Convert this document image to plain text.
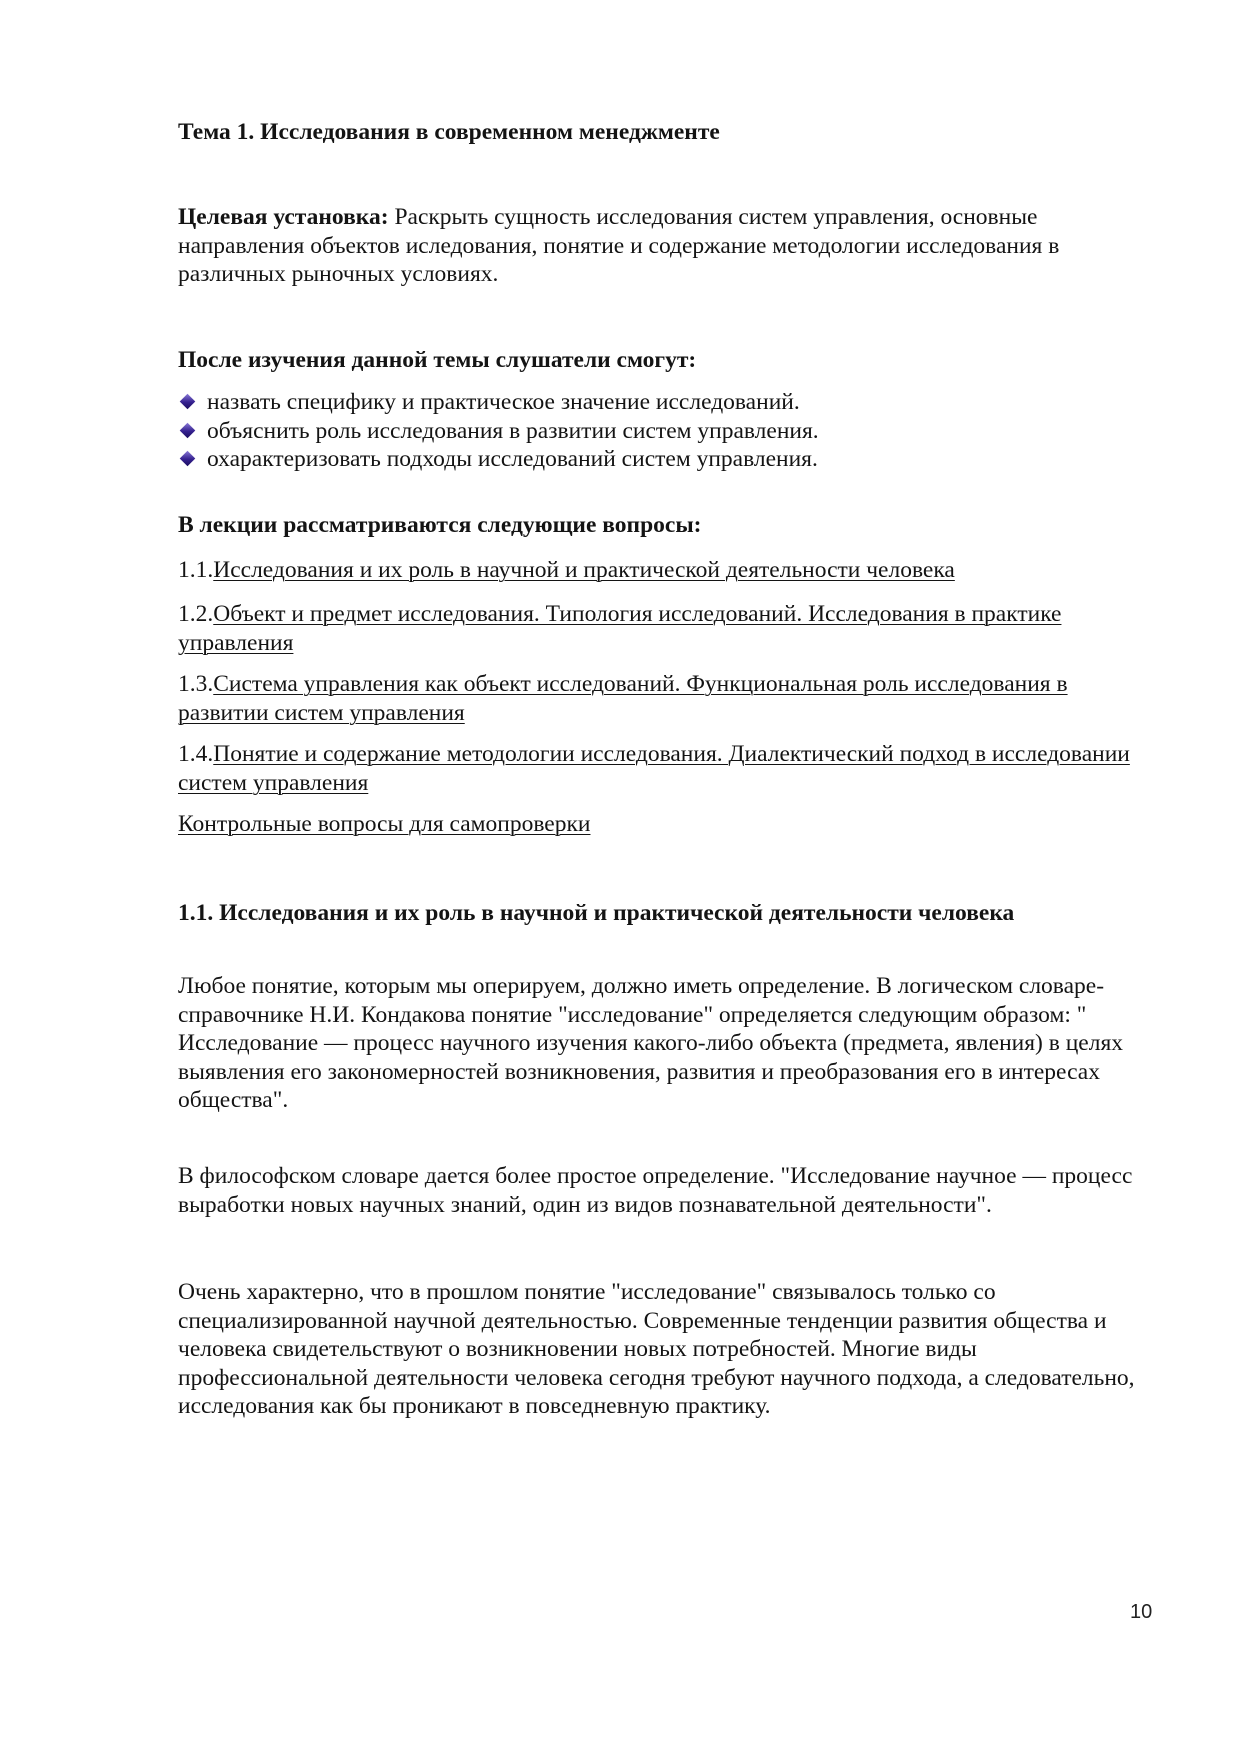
Тема 1. Исследования в современном менеджменте
Целевая установка: Раскрыть сущность исследования систем управления, основные направления объектов иследования, понятие и содержание методологии исследования в различных рыночных условиях.
После изучения данной темы слушатели смогут:
назвать специфику и практическое значение исследований.
объяснить роль исследования в развитии систем управления.
охарактеризовать подходы исследований систем управления.
В лекции рассматриваются следующие вопросы:
1.1.Исследования и их роль в научной и практической деятельности человека
1.2.Объект и предмет исследования. Типология исследований. Исследования в практике управления
1.3.Система управления как объект исследований. Функциональная роль исследования в развитии систем управления
1.4.Понятие и содержание методологии исследования. Диалектический подход в исследовании систем управления
Контрольные вопросы для самопроверки
1.1. Исследования и их роль в научной и практической деятельности человека
Любое понятие, которым мы оперируем, должно иметь определение. В логическом словаре-справочнике Н.И. Кондакова понятие "исследование" определяется следующим образом: " Исследование — процесс научного изучения какого-либо объекта (предмета, явления) в целях выявления его закономерностей возникновения, развития и преобразования его в интересах общества".
В философском словаре дается более простое определение. "Исследование научное — процесс выработки новых научных знаний, один из видов познавательной деятельности".
Очень характерно, что в прошлом понятие "исследование" связывалось только со специализированной научной деятельностью. Современные тенденции развития общества и человека свидетельствуют о возникновении новых потребностей. Многие виды профессиональной деятельности человека сегодня требуют научного подхода, а следовательно, исследования как бы проникают в повседневную практику.
10
